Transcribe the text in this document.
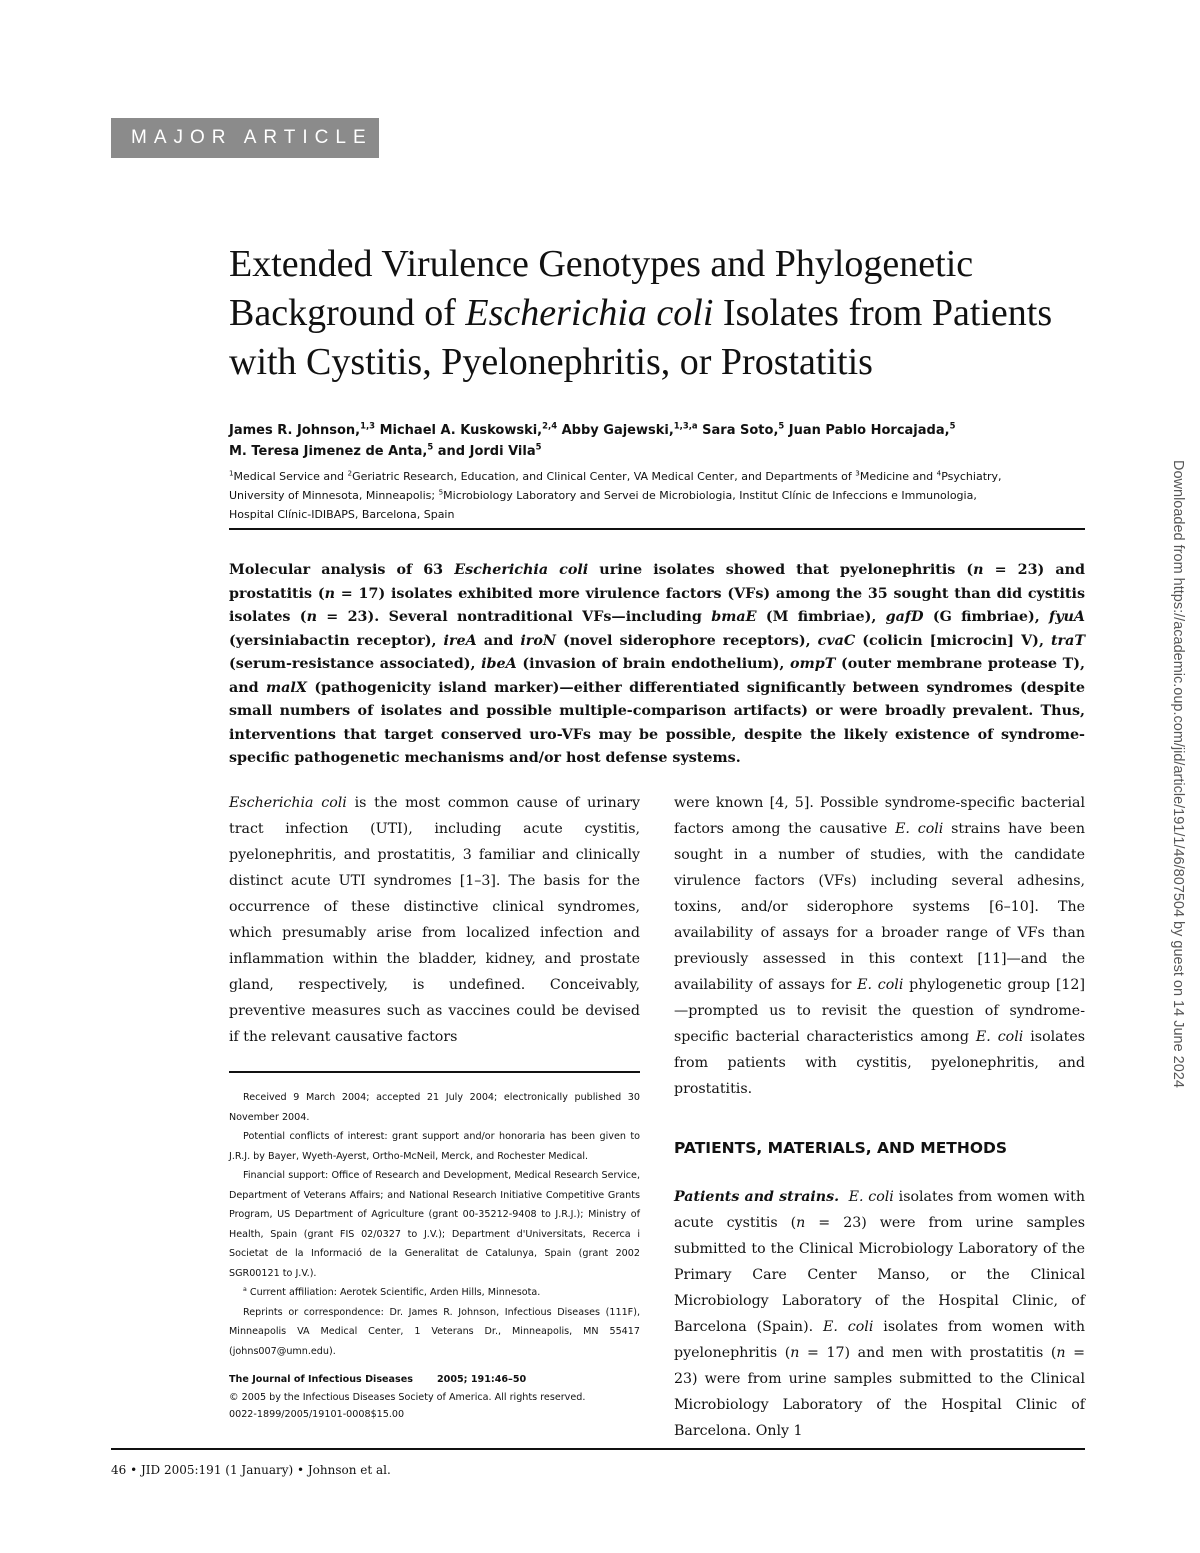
MAJOR ARTICLE
Extended Virulence Genotypes and Phylogenetic
Background of Escherichia coli Isolates from Patients
with Cystitis, Pyelonephritis, or Prostatitis
James R. Johnson,$^{1,3}$ Michael A. Kuskowski,$^{2,4}$ Abby Gajewski,$^{1,3,a}$ Sara Soto,$^5$ Juan Pablo Horcajada,$^5$
M. Teresa Jimenez de Anta,$^5$ and Jordi Vila$^5$
$^1$Medical Service and $^2$Geriatric Research, Education, and Clinical Center, VA Medical Center, and Departments of $^3$Medicine and $^4$Psychiatry,
University of Minnesota, Minneapolis; $^5$Microbiology Laboratory and Servei de Microbiologia, Institut Clínic de Infeccions e Immunologia,
Hospital Clínic-IDIBAPS, Barcelona, Spain
Molecular analysis of 63 Escherichia coli urine isolates showed that pyelonephritis (n = 23) and prostatitis (n = 17) isolates exhibited more virulence factors (VFs) among the 35 sought than did cystitis isolates (n = 23). Several nontraditional VFs—including bmaE (M fimbriae), gafD (G fimbriae), fyuA (yersiniabactin receptor), ireA and iroN (novel siderophore receptors), cvaC (colicin [microcin] V), traT (serum-resistance associated), ibeA (invasion of brain endothelium), ompT (outer membrane protease T), and malX (pathogenicity island marker)—either differentiated significantly between syndromes (despite small numbers of isolates and possible multiple-comparison artifacts) or were broadly prevalent. Thus, interventions that target conserved uro-VFs may be possible, despite the likely existence of syndrome-specific pathogenetic mechanisms and/or host defense systems.

Escherichia coli is the most common cause of urinary tract infection (UTI), including acute cystitis, pyelonephritis, and prostatitis, 3 familiar and clinically distinct acute UTI syndromes [1–3]. The basis for the occurrence of these distinctive clinical syndromes, which presumably arise from localized infection and inflammation within the bladder, kidney, and prostate gland, respectively, is undefined. Conceivably, preventive measures such as vaccines could be devised if the relevant causative factors

Received 9 March 2004; accepted 21 July 2004; electronically published 30 November 2004.

Potential conflicts of interest: grant support and/or honoraria has been given to J.R.J. by Bayer, Wyeth-Ayerst, Ortho-McNeil, Merck, and Rochester Medical.

Financial support: Office of Research and Development, Medical Research Service, Department of Veterans Affairs; and National Research Initiative Competitive Grants Program, US Department of Agriculture (grant 00-35212-9408 to J.R.J.); Ministry of Health, Spain (grant FIS 02/0327 to J.V.); Department d'Universitats, Recerca i Societat de la Informació de la Generalitat de Catalunya, Spain (grant 2002 SGR00121 to J.V.).

$^a$ Current affiliation: Aerotek Scientific, Arden Hills, Minnesota.

Reprints or correspondence: Dr. James R. Johnson, Infectious Diseases (111F), Minneapolis VA Medical Center, 1 Veterans Dr., Minneapolis, MN 55417 (johns007@umn.edu).

The Journal of Infectious Diseases	2005; 191:46–50
© 2005 by the Infectious Diseases Society of America. All rights reserved.
0022-1899/2005/19101-0008$15.00

were known [4, 5]. Possible syndrome-specific bacterial factors among the causative E. coli strains have been sought in a number of studies, with the candidate virulence factors (VFs) including several adhesins, toxins, and/or siderophore systems [6–10]. The availability of assays for a broader range of VFs than previously assessed in this context [11]—and the availability of assays for E. coli phylogenetic group [12]—prompted us to revisit the question of syndrome-specific bacterial characteristics among E. coli isolates from patients with cystitis, pyelonephritis, and prostatitis.

PATIENTS, MATERIALS, AND METHODS

Patients and strains. E. coli isolates from women with acute cystitis (n = 23) were from urine samples submitted to the Clinical Microbiology Laboratory of the Primary Care Center Manso, or the Clinical Microbiology Laboratory of the Hospital Clinic, of Barcelona (Spain). E. coli isolates from women with pyelonephritis (n = 17) and men with prostatitis (n = 23) were from urine samples submitted to the Clinical Microbiology Laboratory of the Hospital Clinic of Barcelona. Only 1

46 • JID 2005:191 (1 January) • Johnson et al.
Downloaded from https://academic.oup.com/jid/article/191/1/46/807504 by guest on 14 June 2024
